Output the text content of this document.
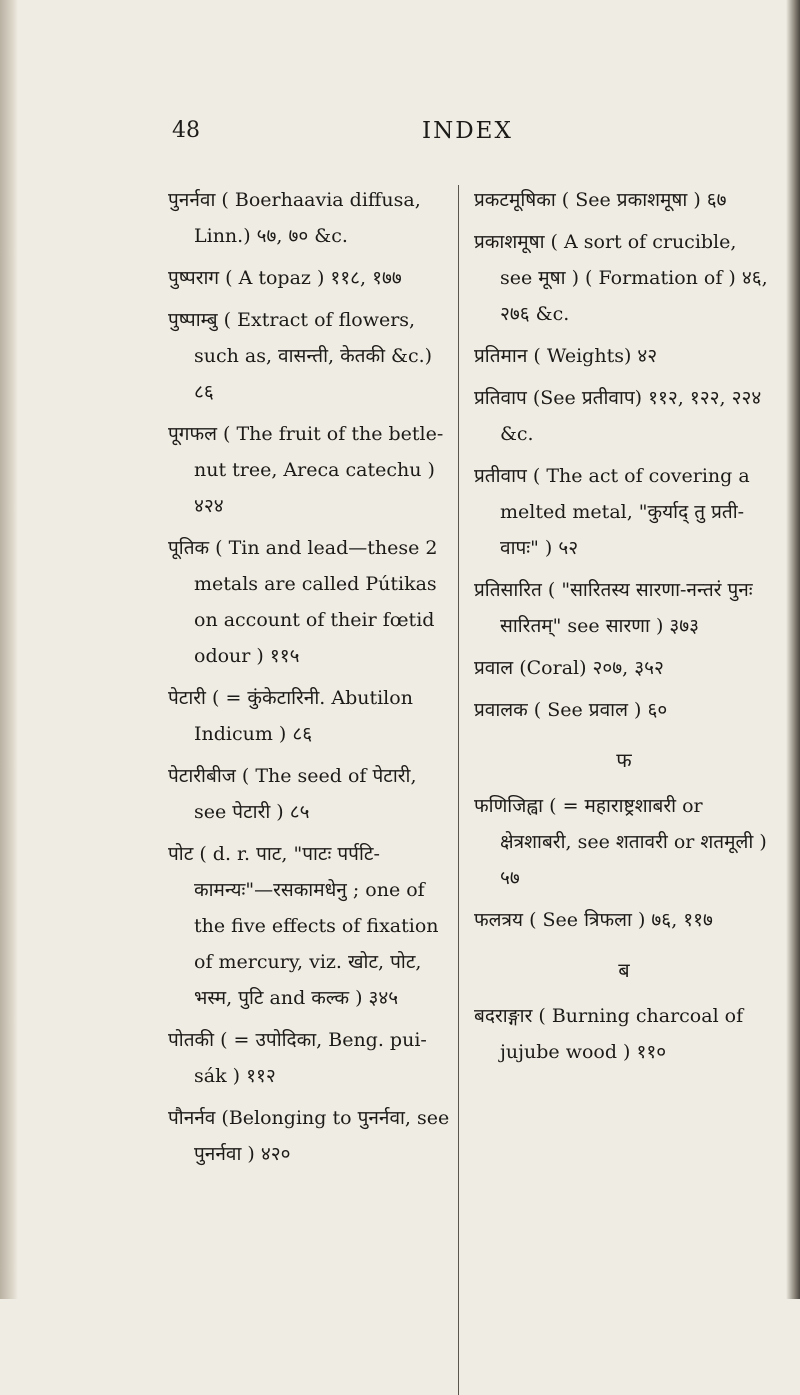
48	INDEX

पुनर्नवा ( Boerhaavia diffusa, Linn.) ५७, ७० &c.

पुष्पराग ( A topaz ) ११८, १७७

पुष्पाम्बु ( Extract of flowers, such as, वासन्ती, केतकी &c.) ८६

पूगफल ( The fruit of the betle-nut tree, Areca catechu ) ४२४

पूतिक ( Tin and lead—these 2 metals are called Pútikas on account of their fœtid odour ) ११५

पेटारी ( = कुंकेटारिनी. Abutilon Indicum ) ८६

पेटारीबीज ( The seed of पेटारी, see पेटारी ) ८५

पोट ( d. r. पाट, "पाटः पर्पटि-कामन्यः"—रसकामधेनु ; one of the five effects of fixation of mercury, viz. खोट, पोट, भस्म, पुटि and कल्क ) ३४५

पोतकी ( = उपोदिका, Beng. pui-sák ) ११२

पौनर्नव (Belonging to पुनर्नवा, see पुनर्नवा ) ४२०

प्रकटमूषिका ( See प्रकाशमूषा ) ६७

प्रकाशमूषा ( A sort of crucible, see मूषा ) ( Formation of ) ४६, २७६ &c.

प्रतिमान ( Weights) ४२

प्रतिवाप (See प्रतीवाप) ११२, १२२, २२४ &c.

प्रतीवाप ( The act of covering a melted metal, "कुर्याद् तु प्रती-वापः" ) ५२

प्रतिसारित ( "सारितस्य सारणा-नन्तरं पुनः सारितम्" see सारणा ) ३७३

प्रवाल (Coral) २०७, ३५२

प्रवालक ( See प्रवाल ) ६०

फ

फणिजिह्वा ( = महाराष्ट्रशाबरी or क्षेत्रशाबरी, see शतावरी or शतमूली ) ५७

फलत्रय ( See त्रिफला ) ७६, ११७

ब

बदराङ्गार ( Burning charcoal of jujube wood ) ११०
